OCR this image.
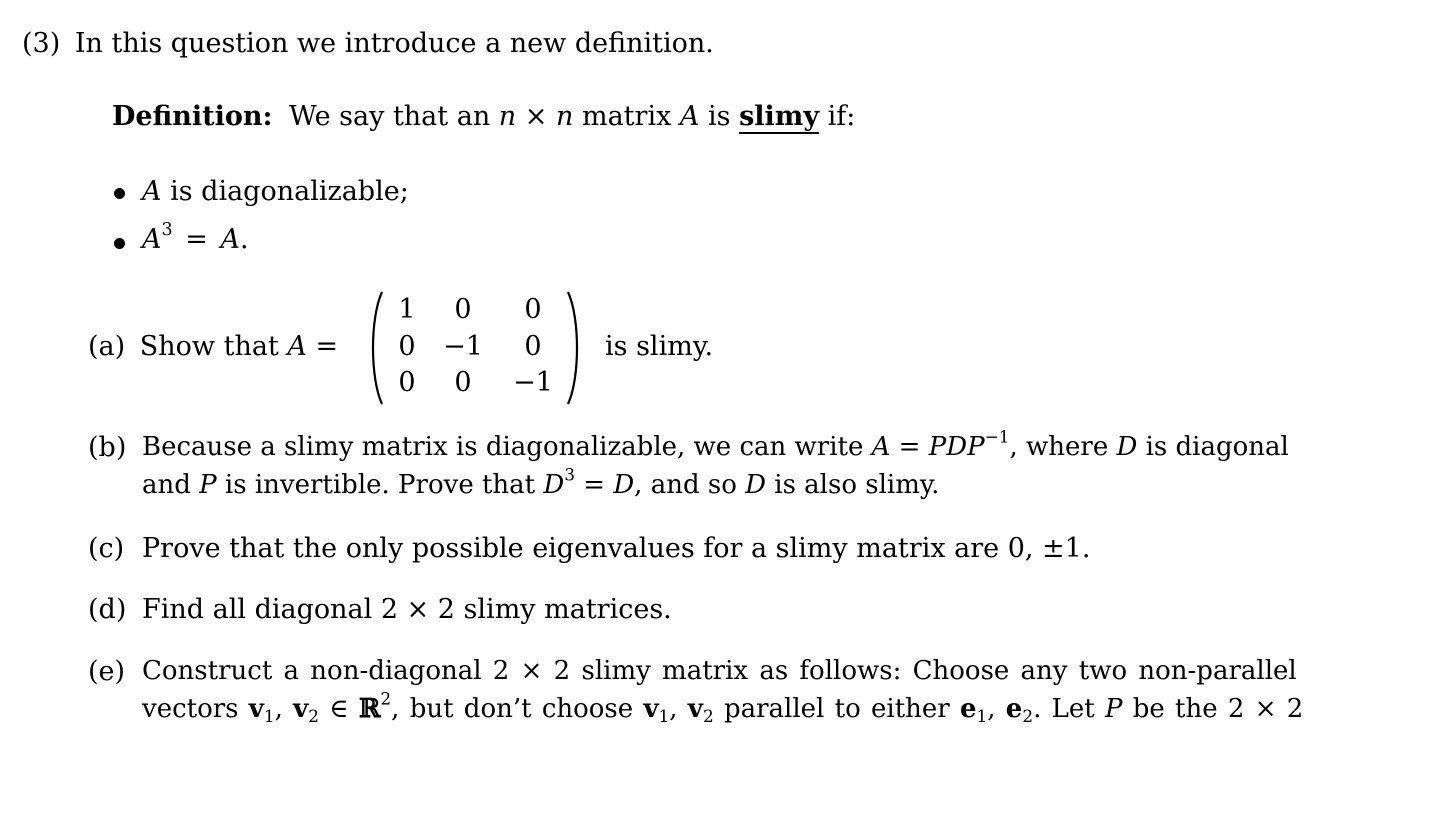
(3) In this question we introduce a new definition.
Definition: We say that an n × n matrix A is slimy if:
A is diagonalizable;
$A^3 = A$.
(a) Show that A =
1	0	0
0	−1	0
0	0	−1
is slimy.
(b) Because a slimy matrix is diagonalizable, we can write $A = PDP^{-1}$, where D is diagonal
and P is invertible. Prove that $D^3 = D$, and so D is also slimy.
(c) Prove that the only possible eigenvalues for a slimy matrix are 0, ±1.
(d) Find all diagonal 2 × 2 slimy matrices.
(e) Construct a non-diagonal 2 × 2 slimy matrix as follows: Choose any two non-parallel
vectors $v_1$, $v_2$ ∈ ℝ$^2$, but don’t choose $v_1$, $v_2$ parallel to either $e_1$, $e_2$. Let P be the 2 × 2
